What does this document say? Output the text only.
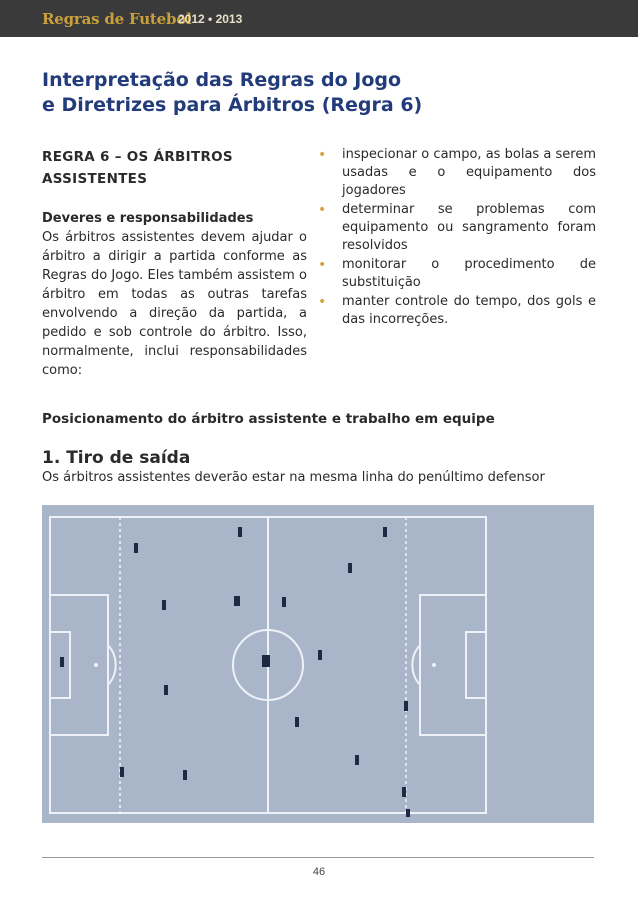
Regras de Futebol
2012 • 2013
Interpretação das Regras do Jogo
e Diretrizes para Árbitros (Regra 6)
REGRA 6 – OS ÁRBITROS
ASSISTENTES
Deveres e responsabilidades
Os árbitros assistentes devem ajudar o árbitro a dirigir a partida conforme as Regras do Jogo. Eles também assistem o árbitro em todas as outras tarefas envolvendo a direção da partida, a pedido e sob controle do árbitro. Isso, normalmente, inclui responsabilidades como:
• inspecionar o campo, as bolas a serem usadas e o equipamento dos jogadores
• determinar se problemas com equipamento ou sangramento foram resolvidos
• monitorar o procedimento de substituição
• manter controle do tempo, dos gols e das incorreções.
Posicionamento do árbitro assistente e trabalho em equipe
1. Tiro de saída
Os árbitros assistentes deverão estar na mesma linha do penúltimo defensor
46
